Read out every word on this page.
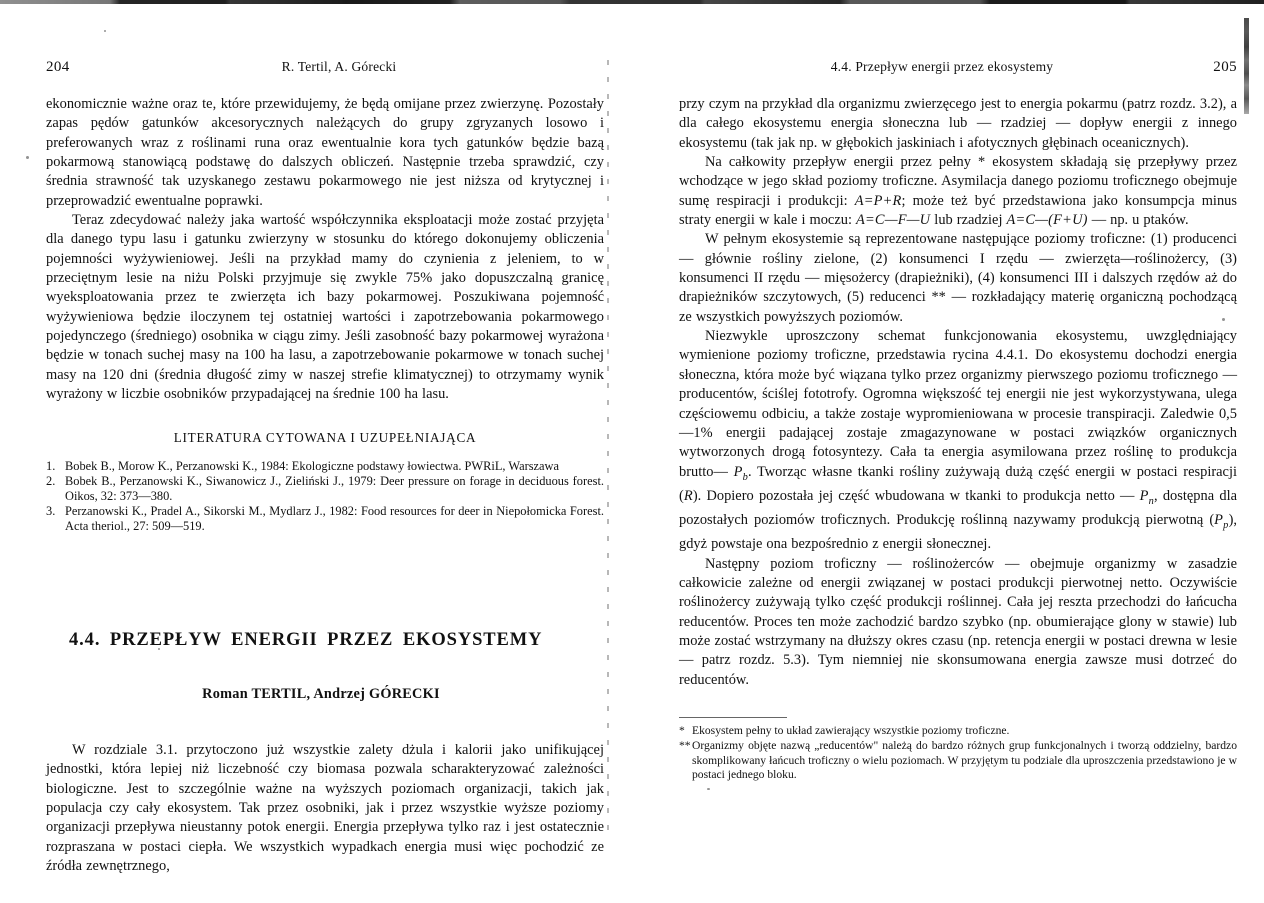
204	R. Tertil, A. Górecki

ekonomicznie ważne oraz te, które przewidujemy, że będą omijane przez zwierzynę. Pozostały zapas pędów gatunków akcesorycznych należących do grupy zgryzanych losowo i preferowanych wraz z roślinami runa oraz ewentualnie kora tych gatunków będzie bazą pokarmową stanowiącą podstawę do dalszych obliczeń. Następnie trzeba sprawdzić, czy średnia strawność tak uzyskanego zestawu pokarmowego nie jest niższa od krytycznej i przeprowadzić ewentualne poprawki.

Teraz zdecydować należy jaka wartość współczynnika eksploatacji może zostać przyjęta dla danego typu lasu i gatunku zwierzyny w stosunku do którego dokonujemy obliczenia pojemności wyżywieniowej. Jeśli na przykład mamy do czynienia z jeleniem, to w przeciętnym lesie na niżu Polski przyjmuje się zwykle 75% jako dopuszczalną granicę wyeksploatowania przez te zwierzęta ich bazy pokarmowej. Poszukiwana pojemność wyżywieniowa będzie iloczynem tej ostatniej wartości i zapotrzebowania pokarmowego pojedynczego (średniego) osobnika w ciągu zimy. Jeśli zasobność bazy pokarmowej wyrażona będzie w tonach suchej masy na 100 ha lasu, a zapotrzebowanie pokarmowe w tonach suchej masy na 120 dni (średnia długość zimy w naszej strefie klimatycznej) to otrzymamy wynik wyrażony w liczbie osobników przypadającej na średnie 100 ha lasu.

LITERATURA CYTOWANA I UZUPEŁNIAJĄCA
1. Bobek B., Morow K., Perzanowski K., 1984: Ekologiczne podstawy łowiectwa. PWRiL, Warszawa
2. Bobek B., Perzanowski K., Siwanowicz J., Zieliński J., 1979: Deer pressure on forage in deciduous forest. Oikos, 32: 373—380.
3. Perzanowski K., Pradel A., Sikorski M., Mydlarz J., 1982: Food resources for deer in Niepołomicka Forest. Acta theriol., 27: 509—519.
4.4. PRZEPŁYW ENERGII PRZEZ EKOSYSTEMY
Roman TERTIL, Andrzej GÓRECKI

W rozdziale 3.1. przytoczono już wszystkie zalety dżula i kalorii jako unifikującej jednostki, która lepiej niż liczebność czy biomasa pozwala scharakteryzować zależności biologiczne. Jest to szczególnie ważne na wyższych poziomach organizacji, takich jak populacja czy cały ekosystem. Tak przez osobniki, jak i przez wszystkie wyższe poziomy organizacji przepływa nieustanny potok energii. Energia przepływa tylko raz i jest ostatecznie rozpraszana w postaci ciepła. We wszystkich wypadkach energia musi więc pochodzić ze źródła zewnętrznego,

4.4. Przepływ energii przez ekosystemy	205

przy czym na przykład dla organizmu zwierzęcego jest to energia pokarmu (patrz rozdz. 3.2), a dla całego ekosystemu energia słoneczna lub — rzadziej — dopływ energii z innego ekosystemu (tak jak np. w głębokich jaskiniach i afotycznych głębinach oceanicznych).

Na całkowity przepływ energii przez pełny * ekosystem składają się przepływy przez wchodzące w jego skład poziomy troficzne. Asymilacja danego poziomu troficznego obejmuje sumę respiracji i produkcji: A=P+R; może też być przedstawiona jako konsumpcja minus straty energii w kale i moczu: A=C—F—U lub rzadziej A=C—(F+U) — np. u ptaków.

W pełnym ekosystemie są reprezentowane następujące poziomy troficzne: (1) producenci — głównie rośliny zielone, (2) konsumenci I rzędu — zwierzęta—roślinożercy, (3) konsumenci II rzędu — mięsożercy (drapieżniki), (4) konsumenci III i dalszych rzędów aż do drapieżników szczytowych, (5) reducenci ** — rozkładający materię organiczną pochodzącą ze wszystkich powyższych poziomów.

Niezwykle uproszczony schemat funkcjonowania ekosystemu, uwzględniający wymienione poziomy troficzne, przedstawia rycina 4.4.1. Do ekosystemu dochodzi energia słoneczna, która może być wiązana tylko przez organizmy pierwszego poziomu troficznego — producentów, ściślej fototrofy. Ogromna większość tej energii nie jest wykorzystywana, ulega częściowemu odbiciu, a także zostaje wypromieniowana w procesie transpiracji. Zaledwie 0,5—1% energii padającej zostaje zmagazynowane w postaci związków organicznych wytworzonych drogą fotosyntezy. Cała ta energia asymilowana przez roślinę to produkcja brutto— $P_b$. Tworząc własne tkanki rośliny zużywają dużą część energii w postaci respiracji (R). Dopiero pozostała jej część wbudowana w tkanki to produkcja netto — $P_n$, dostępna dla pozostałych poziomów troficznych. Produkcję roślinną nazywamy produkcją pierwotną $(P_p)$, gdyż powstaje ona bezpośrednio z energii słonecznej.

Następny poziom troficzny — roślinożerców — obejmuje organizmy w zasadzie całkowicie zależne od energii związanej w postaci produkcji pierwotnej netto. Oczywiście roślinożercy zużywają tylko część produkcji roślinnej. Cała jej reszta przechodzi do łańcucha reducentów. Proces ten może zachodzić bardzo szybko (np. obumierające glony w stawie) lub może zostać wstrzymany na dłuższy okres czasu (np. retencja energii w postaci drewna w lesie — patrz rozdz. 5.3). Tym niemniej nie skonsumowana energia zawsze musi dotrzeć do reducentów.

* Ekosystem pełny to układ zawierający wszystkie poziomy troficzne.

**Organizmy objęte nazwą „reducentów" należą do bardzo różnych grup funkcjonalnych i tworzą oddzielny, bardzo skomplikowany łańcuch troficzny o wielu poziomach. W przyjętym tu podziale dla uproszczenia przedstawiono je w postaci jednego bloku.
